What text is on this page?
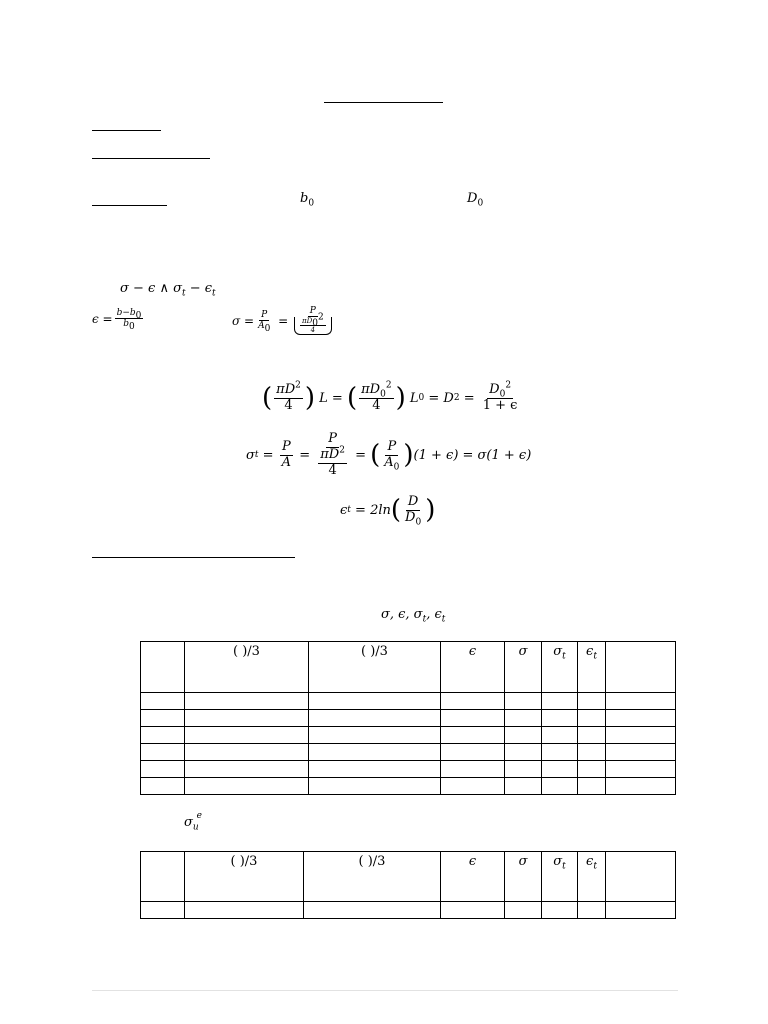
$b_0$	$D_0$
σ − ϵ ∧ $\sigma_t - \epsilon_t$
$\epsilon = \frac{b-b_0}{b_0}$	$\sigma = \frac{P}{A_0} = \frac{P}{\frac{\pi D_0^2}{4}}$
( $\frac{\pi D^2}{4}$ )
L =
( $\frac{\pi D_0^2}{4}$ )
L 0
= D $2 = \frac{D_0^2}{1 + \epsilon}$
σ $t = \frac{P}{A} = P$
$\pi D^2$
4 = ( $\frac{P}{A_0}$ ) (1 + ϵ) = σ(1 + ϵ)
ϵ t
= 2ln ( $\frac{D}{D_0}$ )
σ, ϵ, $\sigma_t$, $\epsilon_t$
	( )/3	( )/3	ϵ	σ	$\sigma_t$	$\epsilon_t$	

$\sigma_u^e$
	( )/3	( )/3	ϵ	σ	$\sigma_t$	$\epsilon_t$	
